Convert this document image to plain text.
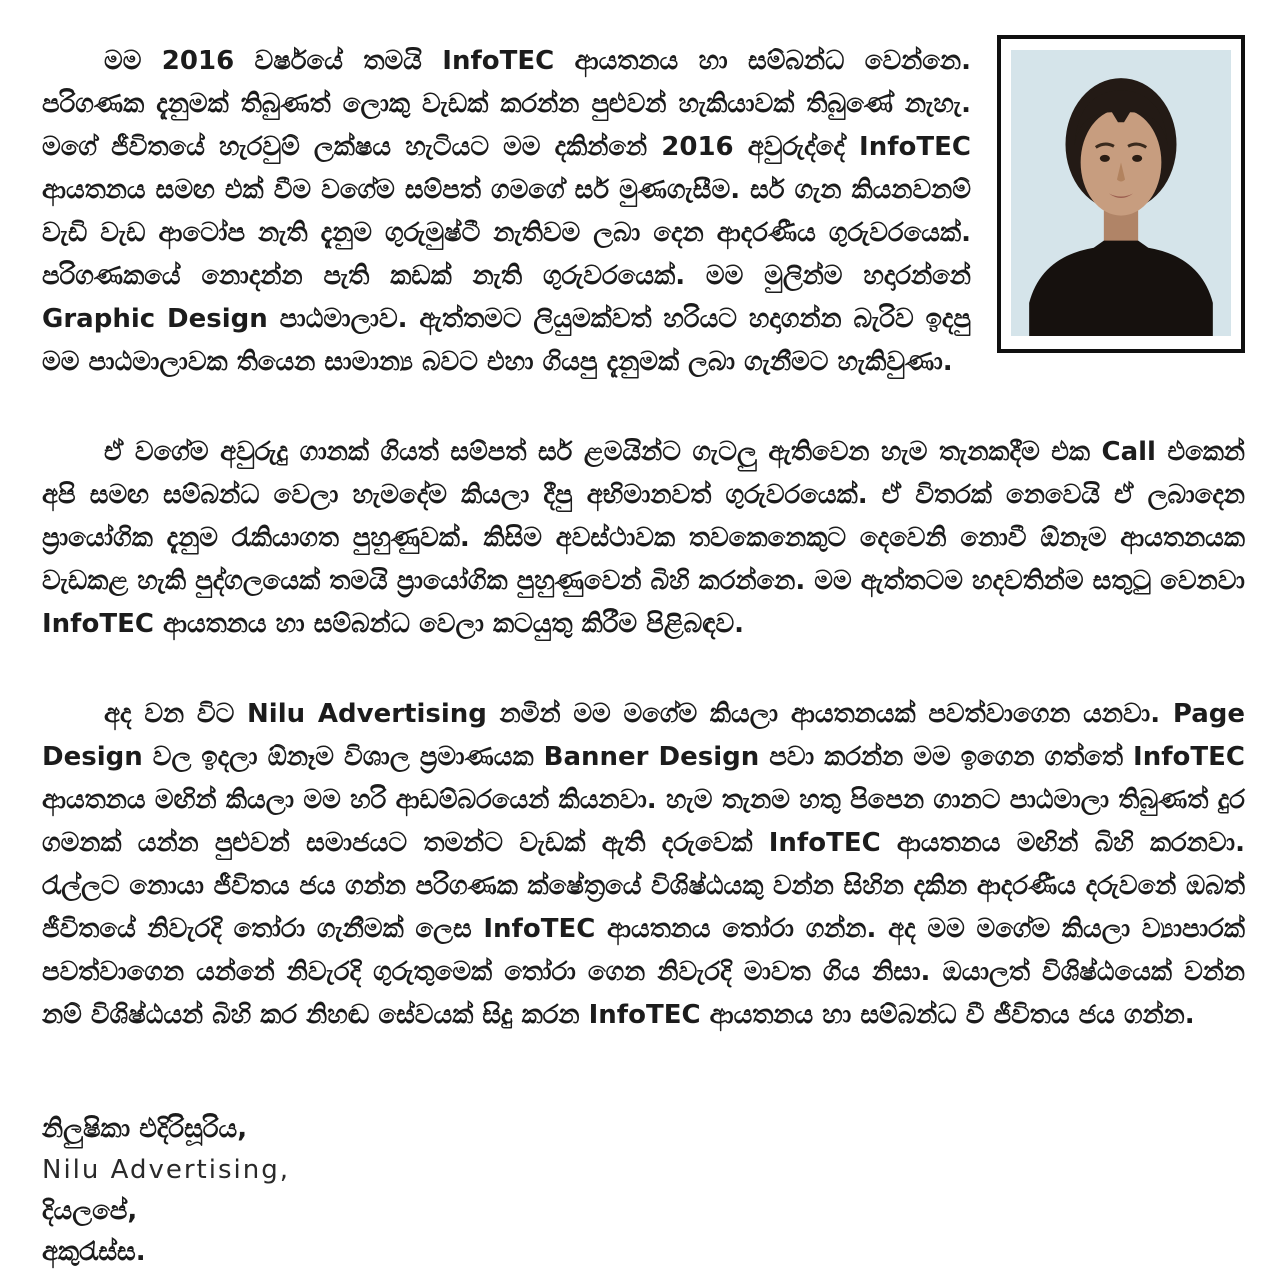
මම 2016 වර්ෂයේ තමයි InfoTEC ආයතනය හා සම්බන්ධ වෙන්නෙ. පරිගණක දැනුමක් තිබුණත් ලොකු වැඩක් කරන්න පුළුවන් හැකියාවක් තිබුණේ නැහැ. මගේ ජීවිතයේ හැරවුම් ලක්ෂය හැටියට මම දකින්නේ 2016 අවුරුද්දේ InfoTEC ආයතනය සමඟ එක් වීම වගේම සම්පත් ගමගේ සර් මුණගැසීම. සර් ගැන කියනවනම් වැඩි වැඩ ආටෝප නැති දැනුම ගුරුමුෂ්ටී නැතිවම ලබා දෙන ආදරණීය ගුරුවරයෙක්. පරිගණකයේ නොදන්න පැති කඩක් නැති ගුරුවරයෙක්. මම මුලින්ම හදාරන්නේ Graphic Design පාඨමාලාව. ඇත්තමට ලියුමක්වත් හරියට හදාගන්න බැරිව ඉදපු මම පාඨමාලාවක තියෙන සාමාන්‍ය බවට එහා ගියපු දැනුමක් ලබා ගැනීමට හැකිවුණා.

ඒ වගේම අවුරුදු ගානක් ගියත් සම්පත් සර් ළමයින්ට ගැටලු ඇතිවෙන හැම තැනකදීම එක Call එකෙන් අපි සමඟ සම්බන්ධ වෙලා හැමදේම කියලා දීපු අභිමානවත් ගුරුවරයෙක්. ඒ විතරක් නෙවෙයි ඒ ලබාදෙන ප්‍රායෝගික දැනුම රැකියාගත පුහුණුවක්. කිසිම අවස්ථාවක තවකෙනෙකුට දෙවෙනි නොවී ඕනෑම ආයතනයක වැඩකළ හැකි පුද්ගලයෙක් තමයි ප්‍රායෝගික පුහුණුවෙන් බිහි කරන්නෙ. මම ඇත්තටම හදවතින්ම සතුටු වෙනවා InfoTEC ආයතනය හා සම්බන්ධ වෙලා කටයුතු කිරීම පිළිබඳව.

අද වන විට Nilu Advertising නමින් මම මගේම කියලා ආයතනයක් පවත්වාගෙන යනවා. Page Design වල ඉදලා ඕනෑම විශාල ප්‍රමාණයක Banner Design පවා කරන්න මම ඉගෙන ගත්තේ InfoTEC ආයතනය මඟින් කියලා මම හරි ආඩම්බරයෙන් කියනවා. හැම තැනම හතු පිපෙන ගානට පාඨමාලා තිබුණත් දුර ගමනක් යන්න පුළුවන් සමාජයට තමන්ට වැඩක් ඇති දරුවෙක් InfoTEC ආයතනය මඟින් බිහි කරනවා. රැල්ලට නොයා ජීවිතය ජය ගන්න පරිගණක ක්ෂේත්‍රයේ විශිෂ්ඨයකු වන්න සිහින දකින ආදරණීය දරුවනේ ඔබත් ජීවිතයේ නිවැරදි තෝරා ගැනීමක් ලෙස InfoTEC ආයතනය තෝරා ගන්න. අද මම මගේම කියලා ව්‍යාපාරක් පවත්වාගෙන යන්නේ නිවැරදි ගුරුතුමෙක් තෝරා ගෙන නිවැරදි මාවත ගිය නිසා. ඔයාලත් විශිෂ්ඨයෙක් වන්න නම් විශිෂ්ඨයන් බිහි කර නිහඬ සේවයක් සිදු කරන InfoTEC ආයතනය හා සම්බන්ධ වී ජීවිතය ජය ගන්න.

නිලුෂිකා එදිරිසූරිය,
Nilu Advertising,
දියලපේ,
අකුරැස්ස.
